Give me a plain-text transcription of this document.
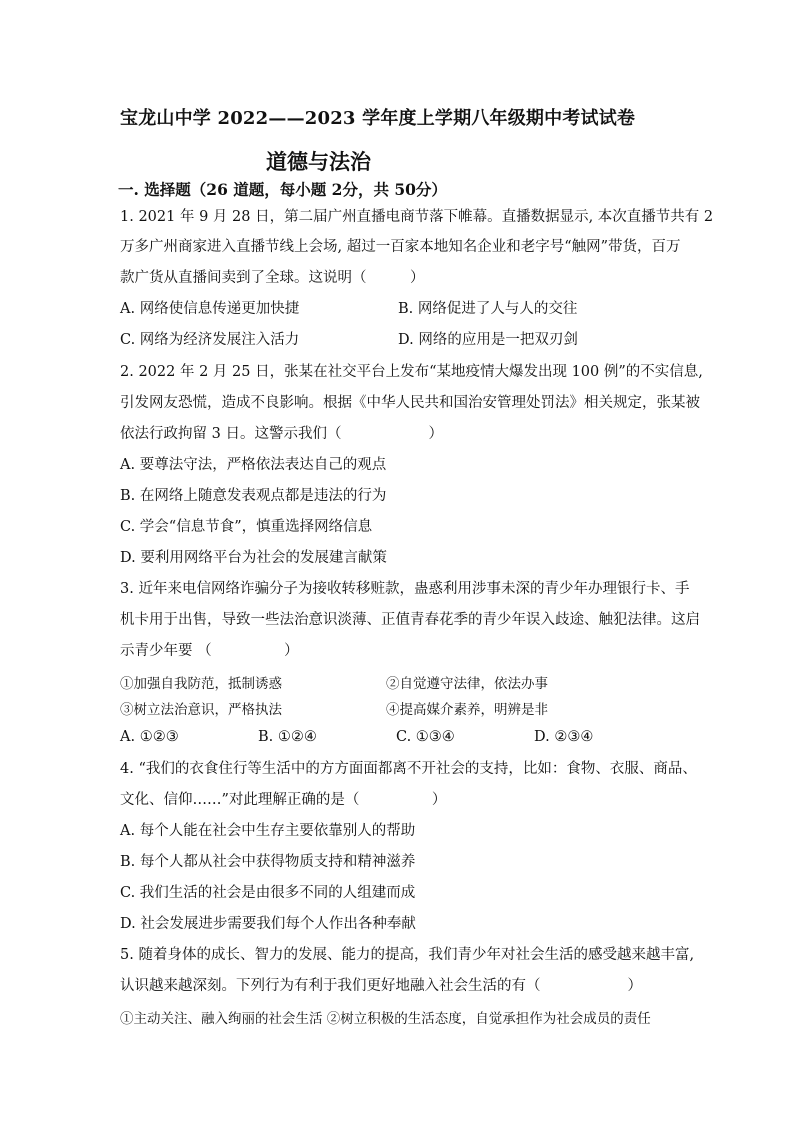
宝龙山中学 2022——2023 学年度上学期八年级期中考试试卷
道德与法治
一. 选择题（26 道题，每小题 2分，共 50分）
1. 2021 年 9 月 28 日，第二届广州直播电商节落下帷幕。直播数据显示, 本次直播节共有 2
万多广州商家进入直播节线上会场, 超过一百家本地知名企业和老字号“触网”带货，百万
款广货从直播间卖到了全球。这说明（　　　）
A. 网络使信息传递更加快捷	B. 网络促进了人与人的交往
C. 网络为经济发展注入活力	D. 网络的应用是一把双刃剑
2. 2022 年 2 月 25 日，张某在社交平台上发布“某地疫情大爆发出现 100 例”的不实信息,
引发网友恐慌，造成不良影响。根据《中华人民共和国治安管理处罚法》相关规定，张某被
依法行政拘留 3 日。这警示我们（　　　　　　）
A. 要尊法守法，严格依法表达自己的观点
B. 在网络上随意发表观点都是违法的行为
C. 学会“信息节食”，慎重选择网络信息
D. 要利用网络平台为社会的发展建言献策
3. 近年来电信网络诈骗分子为接收转移赃款，蛊惑利用涉事未深的青少年办理银行卡、手
机卡用于出售，导致一些法治意识淡薄、正值青春花季的青少年误入歧途、触犯法律。这启
示青少年要 （　　　　　）
①加强自我防范，抵制诱惑	②自觉遵守法律，依法办事
③树立法治意识，严格执法	④提高媒介素养，明辨是非
A. ①②③	B. ①②④	C. ①③④	D. ②③④
4. “我们的衣食住行等生活中的方方面面都离不开社会的支持，比如：食物、衣服、商品、
文化、信仰……”对此理解正确的是（　　　　　）
A. 每个人能在社会中生存主要依靠别人的帮助
B. 每个人都从社会中获得物质支持和精神滋养
C. 我们生活的社会是由很多不同的人组建而成
D. 社会发展进步需要我们每个人作出各种奉献
5. 随着身体的成长、智力的发展、能力的提高，我们青少年对社会生活的感受越来越丰富,
认识越来越深刻。下列行为有利于我们更好地融入社会生活的有（　　　　　　）
①主动关注、融入绚丽的社会生活 ②树立积极的生活态度，自觉承担作为社会成员的责任
